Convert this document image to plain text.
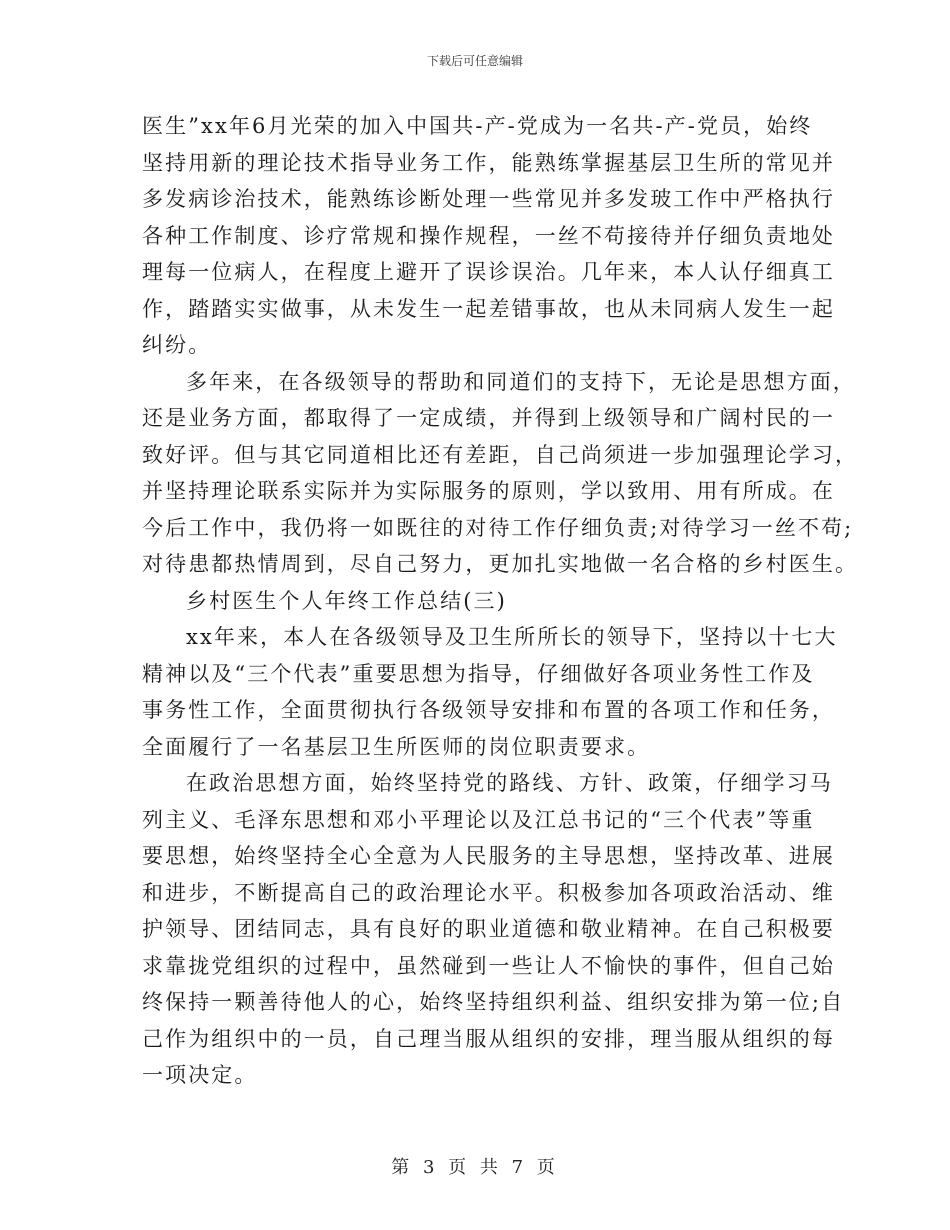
下载后可任意编辑
医生”xx年6月光荣的加入中国共-产-党成为一名共-产-党员，始终
坚持用新的理论技术指导业务工作，能熟练掌握基层卫生所的常见并
多发病诊治技术，能熟练诊断处理一些常见并多发玻工作中严格执行
各种工作制度、诊疗常规和操作规程，一丝不苟接待并仔细负责地处
理每一位病人，在程度上避开了误诊误治。几年来，本人认仔细真工
作，踏踏实实做事，从未发生一起差错事故，也从未同病人发生一起
纠纷。
多年来，在各级领导的帮助和同道们的支持下，无论是思想方面，
还是业务方面，都取得了一定成绩，并得到上级领导和广阔村民的一
致好评。但与其它同道相比还有差距，自己尚须进一步加强理论学习，
并坚持理论联系实际并为实际服务的原则，学以致用、用有所成。在
今后工作中，我仍将一如既往的对待工作仔细负责;对待学习一丝不苟;
对待患都热情周到，尽自己努力，更加扎实地做一名合格的乡村医生。
乡村医生个人年终工作总结(三)
xx年来，本人在各级领导及卫生所所长的领导下，坚持以十七大
精神以及“三个代表”重要思想为指导，仔细做好各项业务性工作及
事务性工作，全面贯彻执行各级领导安排和布置的各项工作和任务，
全面履行了一名基层卫生所医师的岗位职责要求。
在政治思想方面，始终坚持党的路线、方针、政策，仔细学习马
列主义、毛泽东思想和邓小平理论以及江总书记的“三个代表”等重
要思想，始终坚持全心全意为人民服务的主导思想，坚持改革、进展
和进步，不断提高自己的政治理论水平。积极参加各项政治活动、维
护领导、团结同志，具有良好的职业道德和敬业精神。在自己积极要
求靠拢党组织的过程中，虽然碰到一些让人不愉快的事件，但自己始
终保持一颗善待他人的心，始终坚持组织利益、组织安排为第一位;自
己作为组织中的一员，自己理当服从组织的安排，理当服从组织的每
一项决定。
第 3 页 共 7 页
